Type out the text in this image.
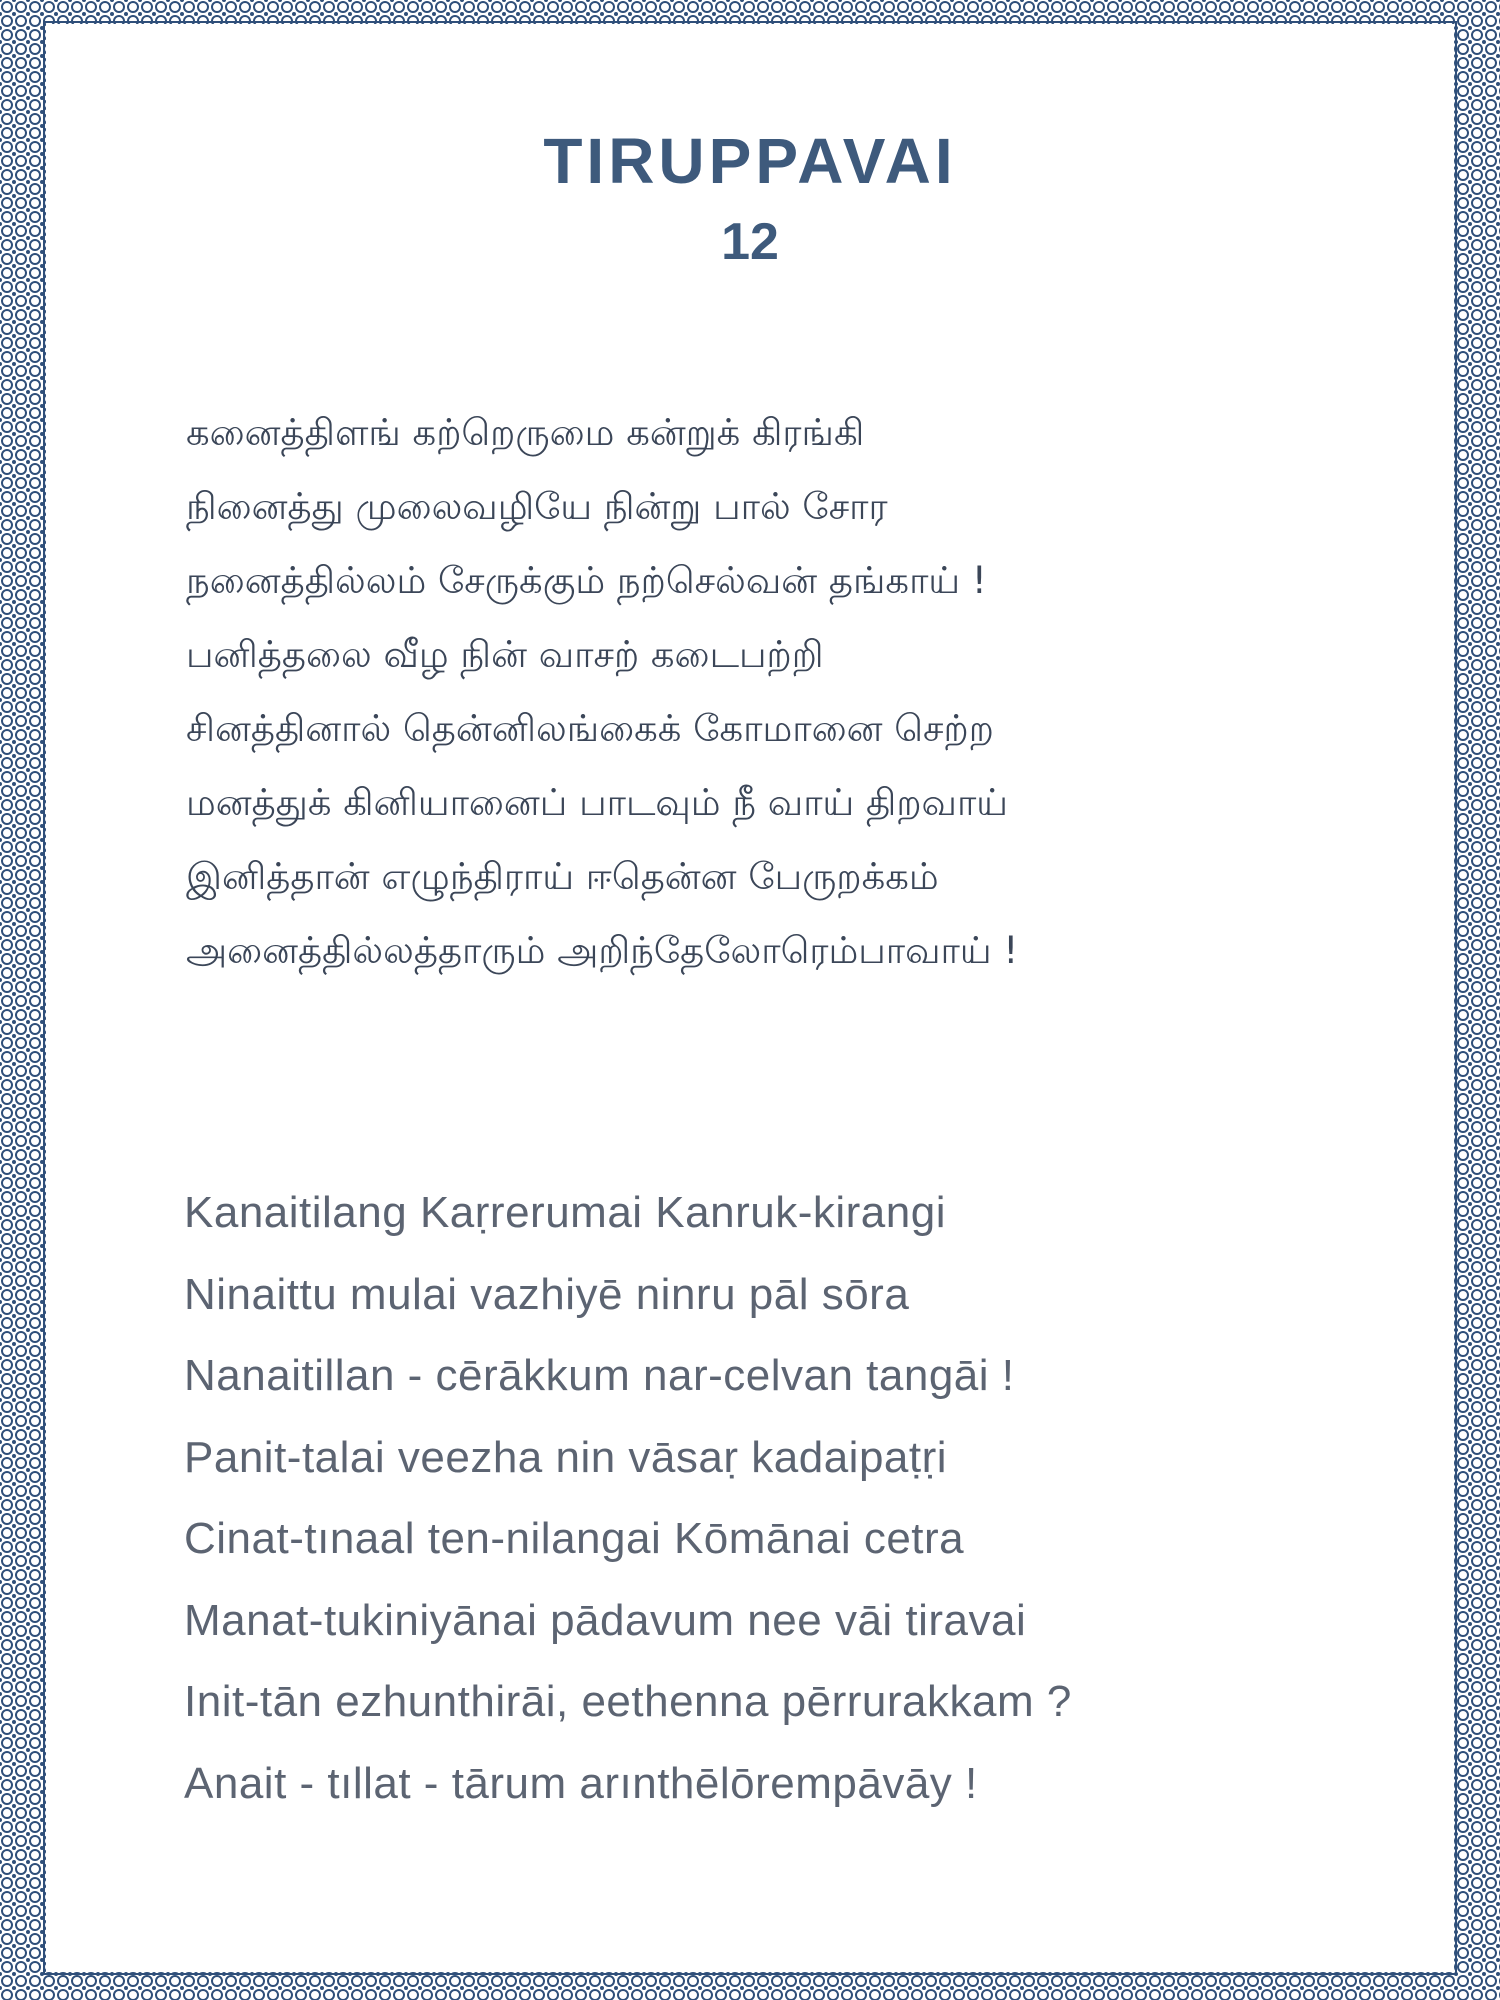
TIRUPPAVAI
12
கனைத்திளங் கற்றெருமை கன்றுக் கிரங்கி
நினைத்து முலைவழியே நின்று பால் சோர
நனைத்தில்லம் சேருக்கும் நற்செல்வன் தங்காய் !
பனித்தலை வீழ நின் வாசற் கடைபற்றி
சினத்தினால் தென்னிலங்கைக் கோமானை செற்ற
மனத்துக் கினியானைப் பாடவும் நீ வாய் திறவாய்
இனித்தான் எழுந்திராய் ஈதென்ன பேருறக்கம்
அனைத்தில்லத்தாரும் அறிந்தேலோரெம்பாவாய் !
Kanaitilang Kaṛrerumai Kanruk-kirangi
Ninaittu mulai vazhiyē ninru pāl sōra
Nanaitillan - cērākkum nar-celvan tangāi !
Panit-talai veezha nin vāsaṛ kadaipaṭṛi
Cinat-tınaal ten-nilangai Kōmānai cetra
Manat-tukiniyānai pādavum nee vāi tiravai
Init-tān ezhunthirāi, eethenna pērrurakkam ?
Anait - tıllat - tārum arınthēlōrempāvāy !
